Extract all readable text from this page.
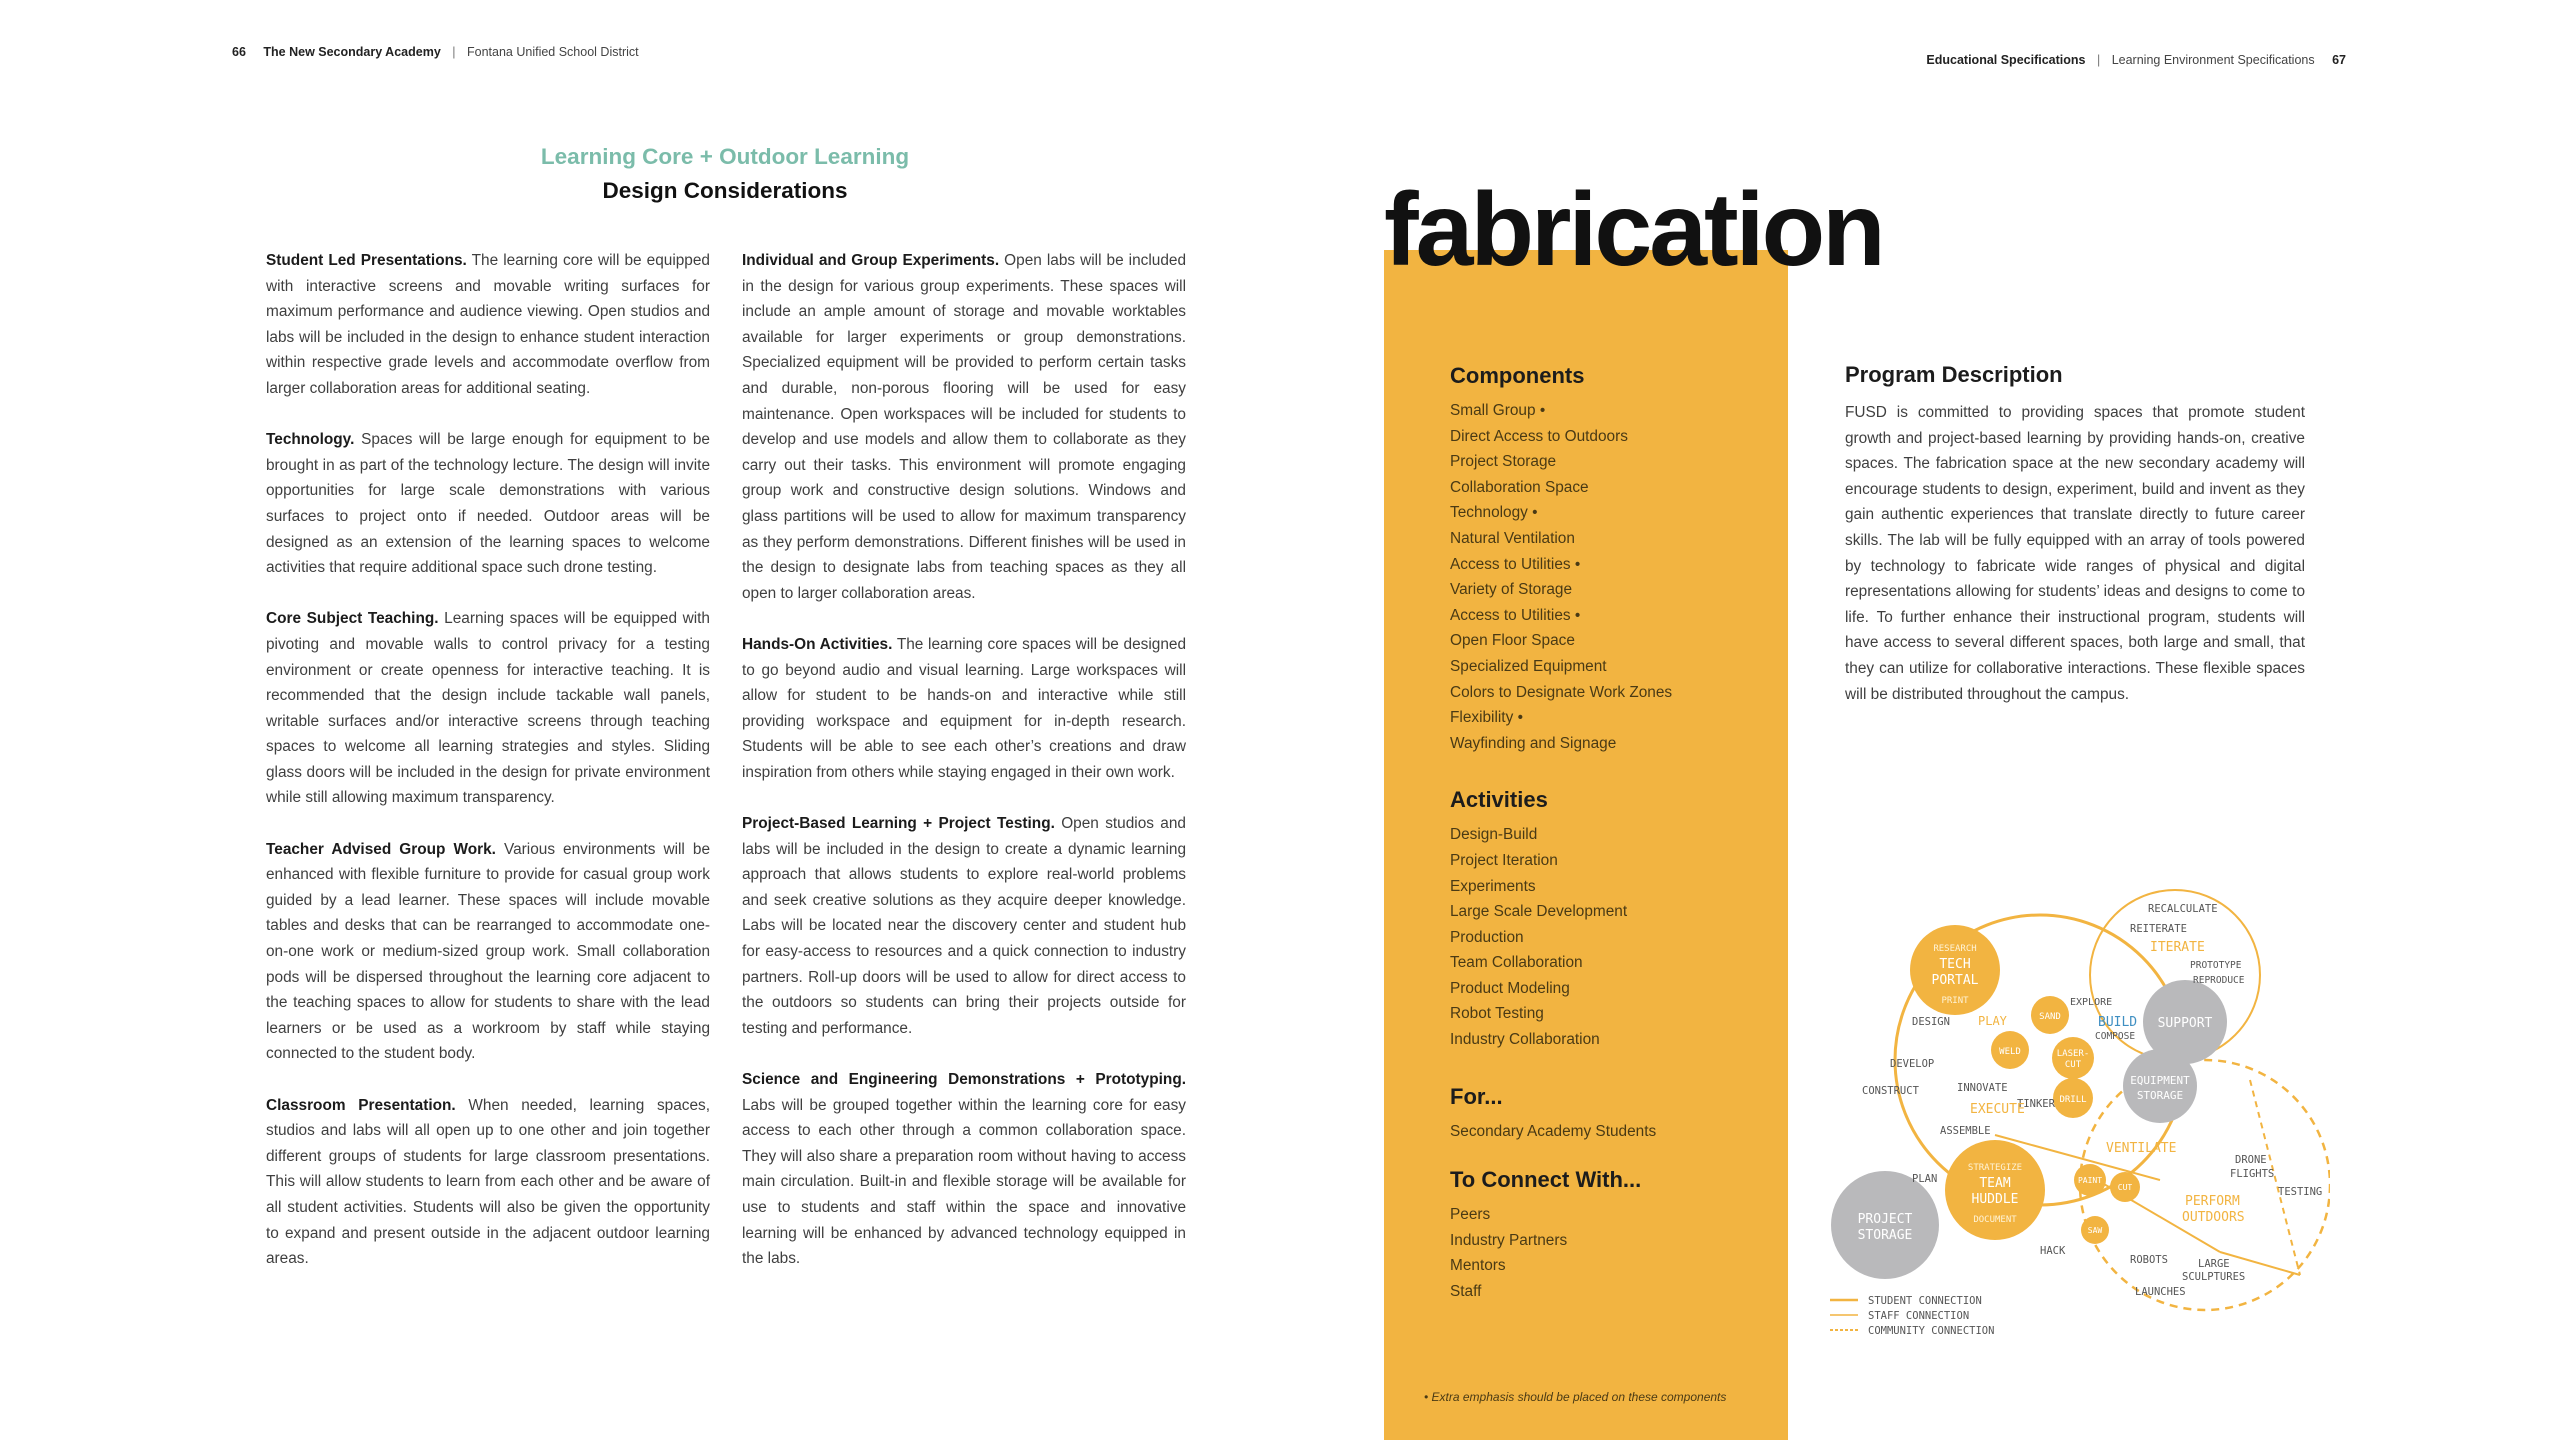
66 The New Secondary Academy | Fontana Unified School District
Educational Specifications | Learning Environment Specifications 67
Learning Core + Outdoor Learning
Design Considerations

Student Led Presentations. The learning core will be equipped with interactive screens and movable writing surfaces for maximum performance and audience viewing. Open studios and labs will be included in the design to enhance student interaction within respective grade levels and accommodate overflow from larger collaboration areas for additional seating.

Technology. Spaces will be large enough for equipment to be brought in as part of the technology lecture. The design will invite opportunities for large scale demonstrations with various surfaces to project onto if needed. Outdoor areas will be designed as an extension of the learning spaces to welcome activities that require additional space such drone testing.

Core Subject Teaching. Learning spaces will be equipped with pivoting and movable walls to control privacy for a testing environment or create openness for interactive teaching. It is recommended that the design include tackable wall panels, writable surfaces and/or interactive screens through teaching spaces to welcome all learning strategies and styles. Sliding glass doors will be included in the design for private environment while still allowing maximum transparency.

Teacher Advised Group Work. Various environments will be enhanced with flexible furniture to provide for casual group work guided by a lead learner. These spaces will include movable tables and desks that can be rearranged to accommodate one-on-one work or medium-sized group work. Small collaboration pods will be dispersed throughout the learning core adjacent to the teaching spaces to allow for students to share with the lead learners or be used as a workroom by staff while staying connected to the student body.

Classroom Presentation. When needed, learning spaces, studios and labs will all open up to one other and join together different groups of students for large classroom presentations. This will allow students to learn from each other and be aware of all student activities. Students will also be given the opportunity to expand and present outside in the adjacent outdoor learning areas.

Individual and Group Experiments. Open labs will be included in the design for various group experiments. These spaces will include an ample amount of storage and movable worktables available for larger experiments or group demonstrations. Specialized equipment will be provided to perform certain tasks and durable, non-porous flooring will be used for easy maintenance. Open workspaces will be included for students to develop and use models and allow them to collaborate as they carry out their tasks. This environment will promote engaging group work and constructive design solutions. Windows and glass partitions will be used to allow for maximum transparency as they perform demonstrations. Different finishes will be used in the design to designate labs from teaching spaces as they all open to larger collaboration areas.

Hands-On Activities. The learning core spaces will be designed to go beyond audio and visual learning. Large workspaces will allow for student to be hands-on and interactive while still providing workspace and equipment for in-depth research. Students will be able to see each other’s creations and draw inspiration from others while staying engaged in their own work.

Project-Based Learning + Project Testing. Open studios and labs will be included in the design to create a dynamic learning approach that allows students to explore real-world problems and seek creative solutions as they acquire deeper knowledge. Labs will be located near the discovery center and student hub for easy-access to resources and a quick connection to industry partners. Roll-up doors will be used to allow for direct access to the outdoors so students can bring their projects outside for testing and performance.

Science and Engineering Demonstrations + Prototyping. Labs will be grouped together within the learning core for easy access to each other through a common collaboration space. They will also share a preparation room without having to access main circulation. Built-in and flexible storage will be available for use to students and staff within the space and innovative learning will be enhanced by advanced technology equipped in the labs.

fabrication
Components
Small Group •
Direct Access to Outdoors
Project Storage
Collaboration Space
Technology •
Natural Ventilation
Access to Utilities •
Variety of Storage
Access to Utilities •
Open Floor Space
Specialized Equipment
Colors to Designate Work Zones
Flexibility •
Wayfinding and Signage
Activities
Design-Build
Project Iteration
Experiments
Large Scale Development
Production
Team Collaboration
Product Modeling
Robot Testing
Industry Collaboration
For...
Secondary Academy Students
To Connect With...
Peers
Industry Partners
Mentors
Staff
• Extra emphasis should be placed on these components
Program Description
FUSD is committed to providing spaces that promote student growth and project-based learning by providing hands-on, creative spaces. The fabrication space at the new secondary academy will encourage students to design, experiment, build and invent as they gain authentic experiences that translate directly to future career skills. The lab will be fully equipped with an array of tools powered by technology to fabricate wide ranges of physical and digital representations allowing for students’ ideas and designs to come to life. To further enhance their instructional program, students will have access to several different spaces, both large and small, that they can utilize for collaborative interactions. These flexible spaces will be distributed throughout the campus.
RESEARCH
TECH
PORTAL
PRINT
STRATEGIZE
TEAM
HUDDLE
DOCUMENT
SUPPORT
EQUIPMENT
STORAGE
PROJECT
STORAGE
SAND
WELD	LASER-
CUT
DRILL
PAINT
CUT
SAW
RECALCULATE
REITERATE
ITERATE
PROTOTYPE
REPRODUCE
EXPLORE
BUILD
COMPOSE
DESIGN PLAY
DEVELOP
CONSTRUCT	INNOVATE
TINKER
EXECUTE
ASSEMBLE
VENTILATE
DRONE
FLIGHTS
TESTING
PLAN
PERFORM
OUTDOORS
HACK
ROBOTS	LARGE
SCULPTURES
LAUNCHES
STUDENT CONNECTION
STAFF CONNECTION
COMMUNITY CONNECTION
